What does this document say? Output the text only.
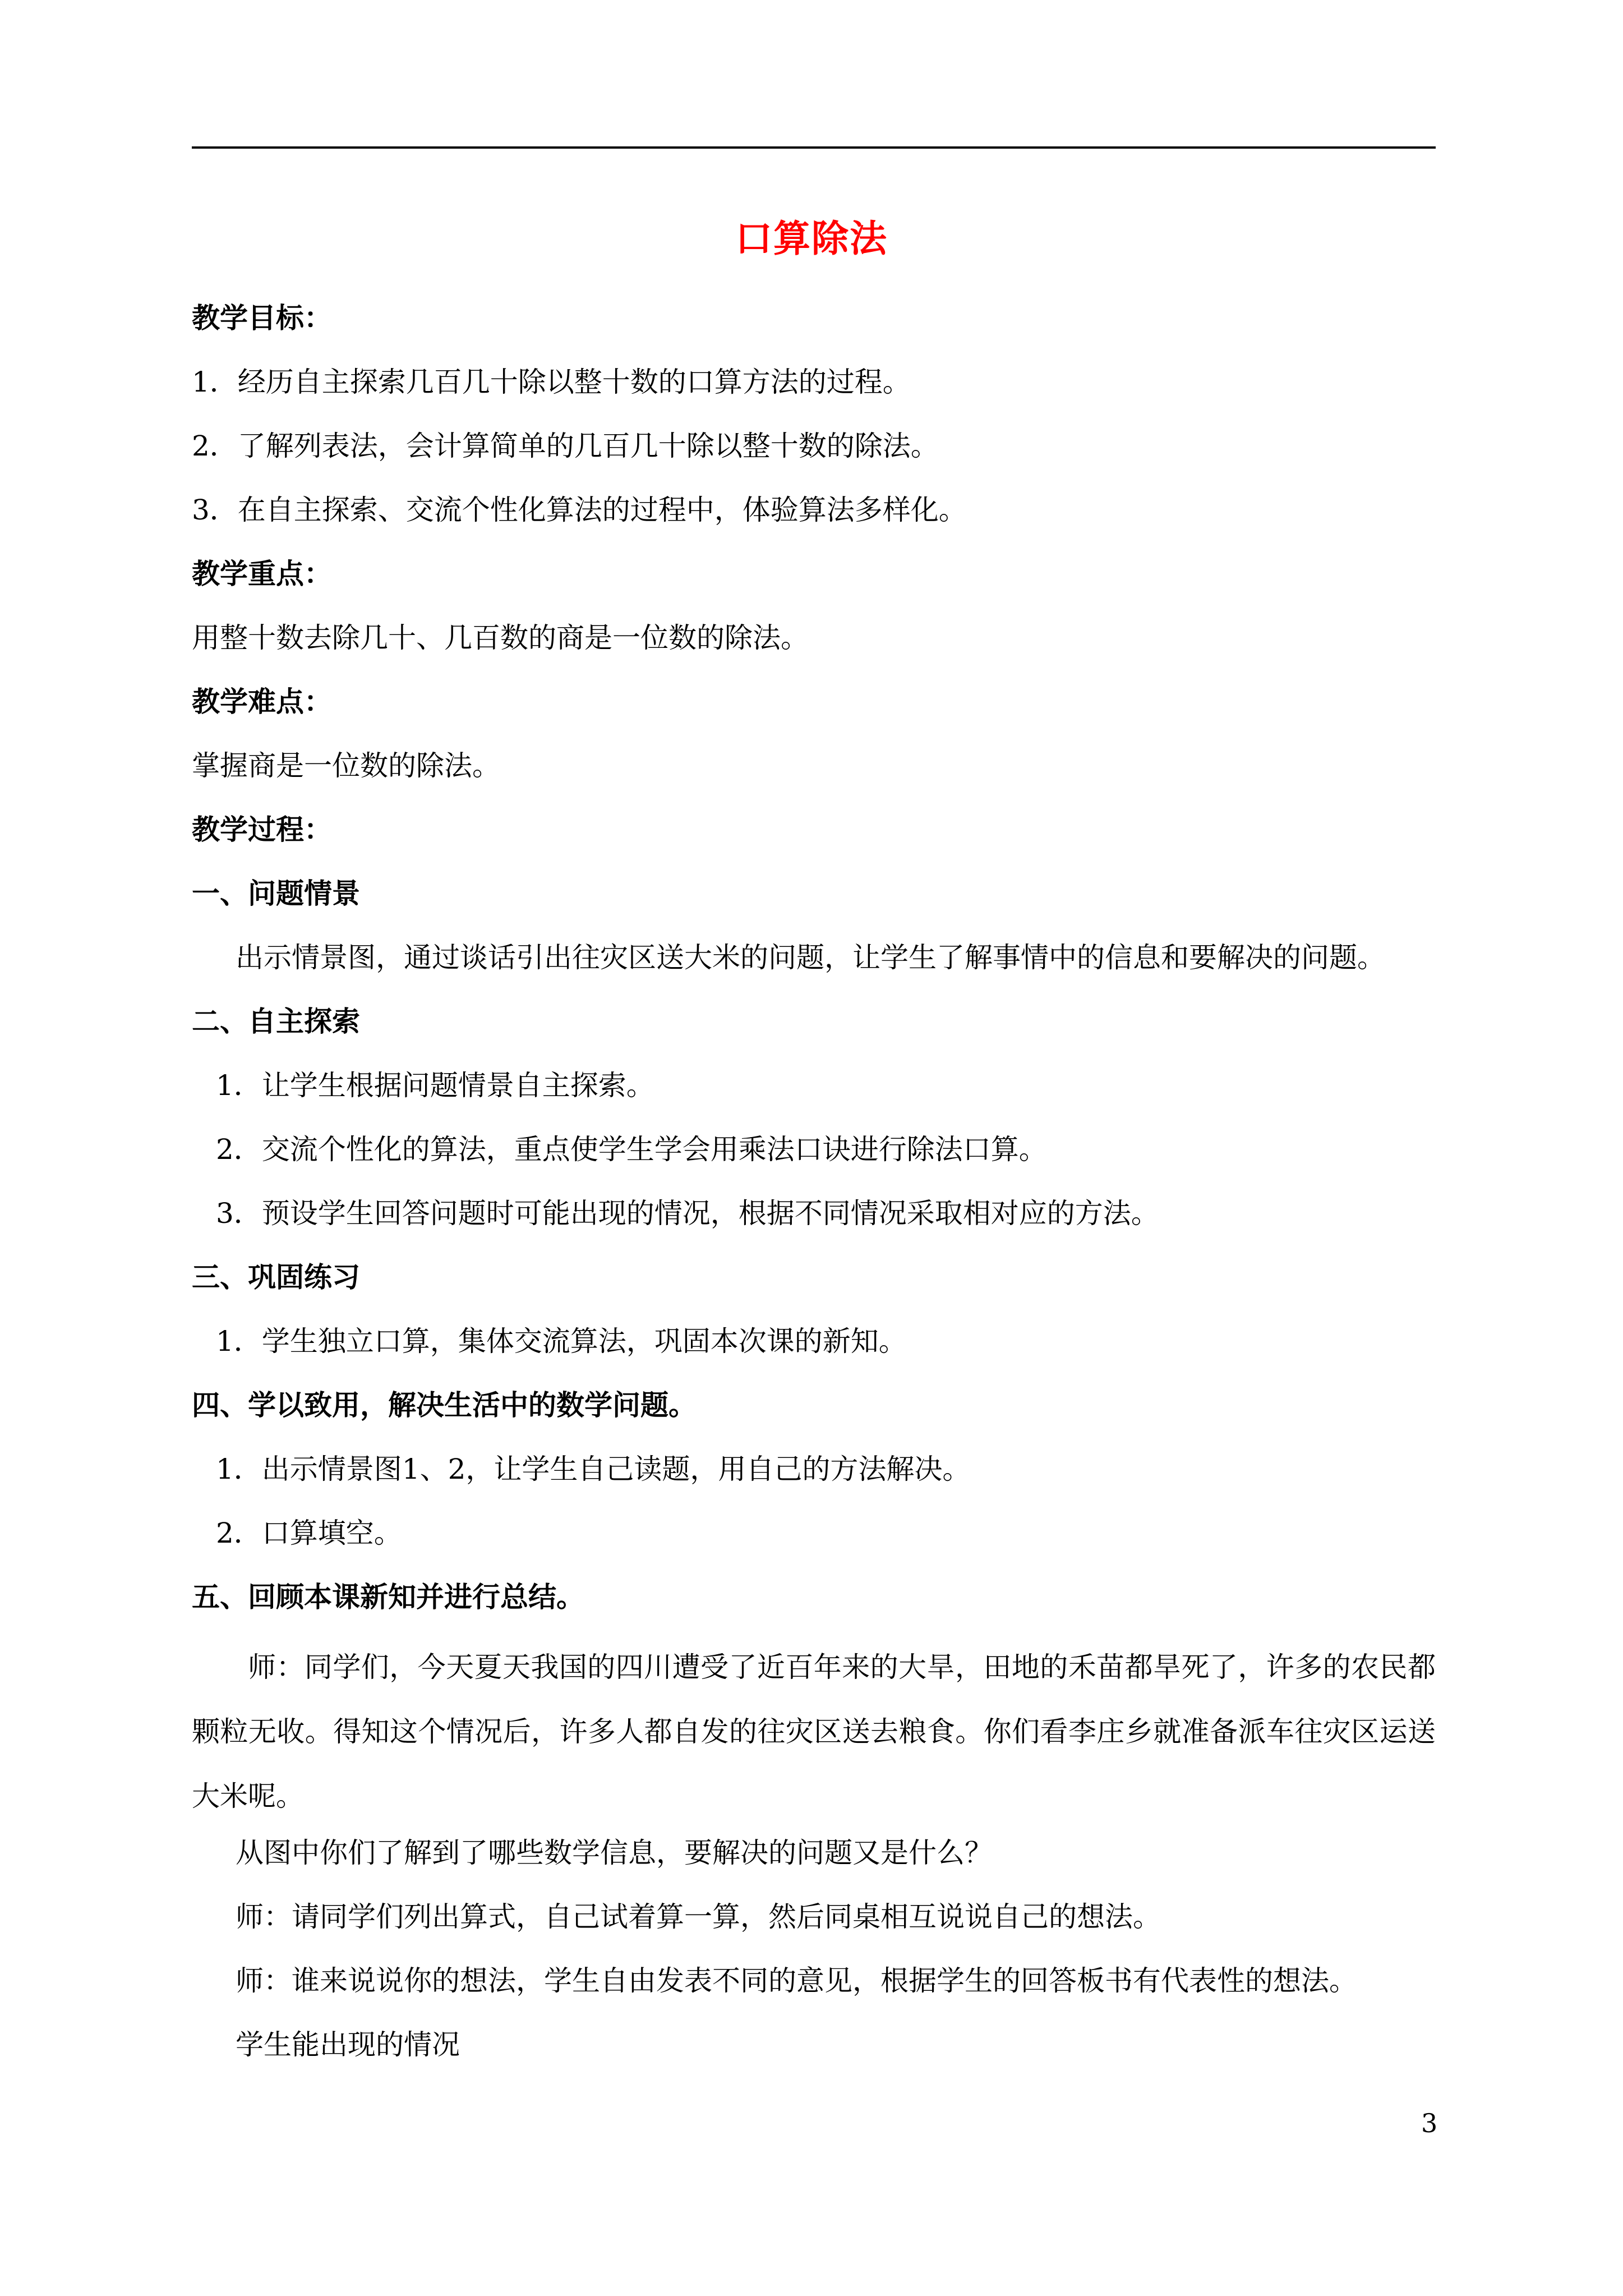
口算除法
教学目标：
1．经历自主探索几百几十除以整十数的口算方法的过程。
2．了解列表法，会计算简单的几百几十除以整十数的除法。
3．在自主探索、交流个性化算法的过程中，体验算法多样化。
教学重点：
用整十数去除几十、几百数的商是一位数的除法。
教学难点：
掌握商是一位数的除法。
教学过程：
一、问题情景
出示情景图，通过谈话引出往灾区送大米的问题，让学生了解事情中的信息和要解决的问题。
二、自主探索
1．让学生根据问题情景自主探索。
2．交流个性化的算法，重点使学生学会用乘法口诀进行除法口算。
3．预设学生回答问题时可能出现的情况，根据不同情况采取相对应的方法。
三、巩固练习
1．学生独立口算，集体交流算法，巩固本次课的新知。
四、学以致用，解决生活中的数学问题。
1．出示情景图1、2，让学生自己读题，用自己的方法解决。
2．口算填空。
五、回顾本课新知并进行总结。
师：同学们，今天夏天我国的四川遭受了近百年来的大旱，田地的禾苗都旱死了，许多的农民都颗粒无收。得知这个情况后，许多人都自发的往灾区送去粮食。你们看李庄乡就准备派车往灾区运送大米呢。
从图中你们了解到了哪些数学信息，要解决的问题又是什么？
师：请同学们列出算式，自己试着算一算，然后同桌相互说说自己的想法。
师：谁来说说你的想法，学生自由发表不同的意见，根据学生的回答板书有代表性的想法。
学生能出现的情况
3
